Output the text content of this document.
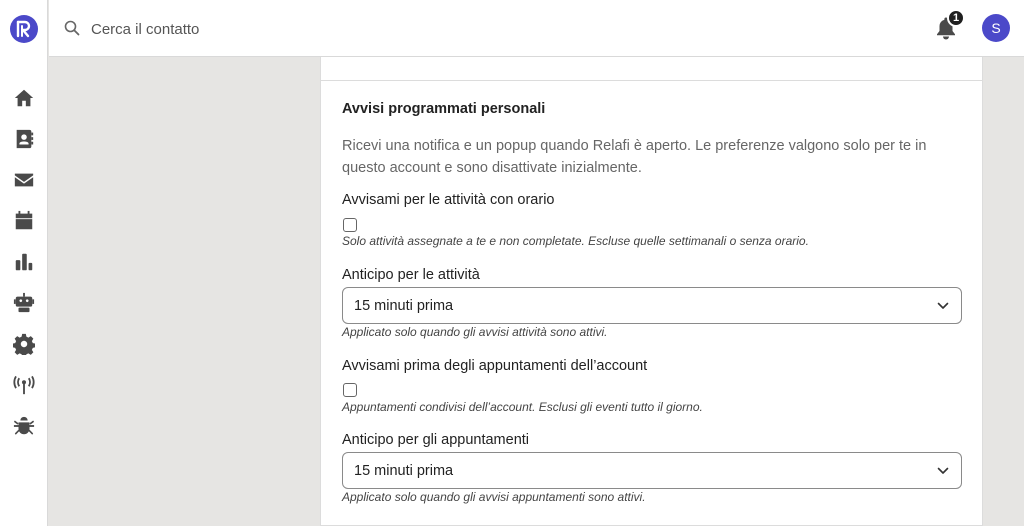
Cerca il contatto
1
S
Avvisi programmati personali

Ricevi una notifica e un popup quando Relafi è aperto. Le preferenze valgono solo per te in questo account e sono disattivate inizialmente.

Avvisami per le attività con orario
Solo attività assegnate a te e non completate. Escluse quelle settimanali o senza orario.
Anticipo per le attività
15 minuti prima
Applicato solo quando gli avvisi attività sono attivi.
Avvisami prima degli appuntamenti dell’account
Appuntamenti condivisi dell’account. Esclusi gli eventi tutto il giorno.
Anticipo per gli appuntamenti
15 minuti prima
Applicato solo quando gli avvisi appuntamenti sono attivi.
